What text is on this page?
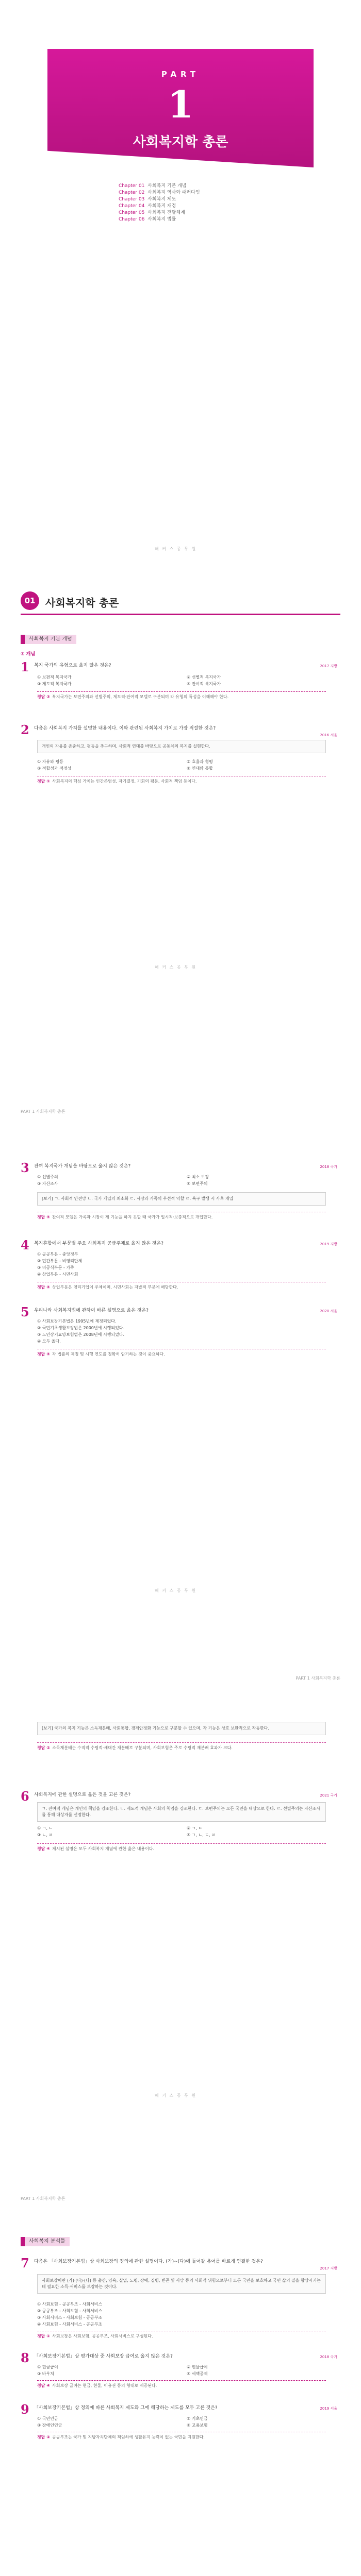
PART
1
사회복지학 총론
Chapter 01 사회복지 기본 개념
Chapter 02 사회복지 역사와 패러다임
Chapter 03 사회복지 제도
Chapter 04 사회복지 재정
Chapter 05 사회복지 전달체계
Chapter 06 사회복지 법률
해 커 스 공 무 원
01 사회복지학 총론
사회복지 기본 개념
① 개념
1	복지 국가의 유형으로 옳지 않은 것은?	2017 지방
① 보편적 복지국가	② 선별적 복지국가
③ 제도적 복지국가	④ 잔여적 복지국가
정답 ③ 복지국가는 보편주의와 선별주의, 제도적·잔여적 모델로 구분되며 각 유형의 특성을 이해해야 한다.
2	다음은 사회복지 가치를 설명한 내용이다. 이와 관련된 사회복지 가치로 가장 적절한 것은?
2016 서울
개인의 자유를 존중하고, 평등을 추구하며, 사회적 연대를 바탕으로 공동체의 복지를 실현한다.
① 자유와 평등	② 효율과 형평
③ 적합성과 적정성	④ 연대와 통합
정답 ① 사회복지의 핵심 가치는 인간존엄성, 자기결정, 기회의 평등, 사회적 책임 등이다.
해 커 스 공 무 원
PART 1 사회복지학 총론
3	잔여 복지국가 개념을 바탕으로 옳지 않은 것은?	2018 국가
① 선별주의	② 최소 보장
③ 자산조사	④ 보편주의
[보기] ㄱ. 사회적 안전망 ㄴ. 국가 개입의 최소화 ㄷ. 시장과 가족의 우선적 역할 ㄹ. 욕구 발생 시 사후 개입
정답 ④ 잔여적 모델은 가족과 시장이 제 기능을 하지 못할 때 국가가 일시적·보충적으로 개입한다.
4	복지혼합에서 부문별 주요 사회복지 공급주체로 옳지 않은 것은?	2019 지방
① 공공부문 - 중앙정부
② 민간부문 - 비영리단체
③ 비공식부문 - 가족
④ 상업부문 - 시민사회
정답 ④ 상업부문은 영리기업이 주체이며, 시민사회는 자발적 부문에 해당한다.
5	우리나라 사회복지법에 관하여 바른 설명으로 옳은 것은?	2020 서울
① 사회보장기본법은 1995년에 제정되었다.
② 국민기초생활보장법은 2000년에 시행되었다.
③ 노인장기요양보험법은 2008년에 시행되었다.
④ 모두 옳다.
정답 ④ 각 법률의 제정 및 시행 연도를 정확히 암기하는 것이 중요하다.
해 커 스 공 무 원
PART 1 사회복지학 총론
[보기] 국가의 복지 기능은 소득재분배, 사회통합, 경제안정화 기능으로 구분할 수 있으며, 각 기능은 상호 보완적으로 작동한다.
정답 ② 소득재분배는 수직적·수평적·세대간 재분배로 구분되며, 사회보험은 주로 수평적 재분배 효과가 크다.
6	사회복지에 관한 설명으로 옳은 것을 고른 것은?	2021 국가
ㄱ. 잔여적 개념은 개인의 책임을 강조한다. ㄴ. 제도적 개념은 사회의 책임을 강조한다. ㄷ. 보편주의는 모든 국민을 대상으로 한다. ㄹ. 선별주의는 자산조사를 통해 대상자를 선정한다.
① ㄱ, ㄴ	② ㄱ, ㄷ
③ ㄴ, ㄹ	④ ㄱ, ㄴ, ㄷ, ㄹ
정답 ④ 제시된 설명은 모두 사회복지 개념에 관한 옳은 내용이다.
해 커 스 공 무 원
PART 1 사회복지학 총론
사회복지 분석틀
7	다음은 「사회보장기본법」상 사회보장의 정의에 관한 설명이다. (가)~(다)에 들어갈 용어를 바르게 연결한 것은?
2017 지방
사회보장이란 (가)·(나)·(다) 등 출산, 양육, 실업, 노령, 장애, 질병, 빈곤 및 사망 등의 사회적 위험으로부터 모든 국민을 보호하고 국민 삶의 질을 향상시키는 데 필요한 소득·서비스를 보장하는 것이다.
① 사회보험 - 공공부조 - 사회서비스
② 공공부조 - 사회보험 - 사회서비스
③ 사회서비스 - 사회보험 - 공공부조
④ 사회보험 - 사회서비스 - 공공부조
정답 ① 사회보장은 사회보험, 공공부조, 사회서비스로 구성된다.
8	「사회보장기본법」상 평가대상 중 사회보장 급여로 옳지 않은 것은?	2018 국가
① 현금급여	② 현물급여
③ 바우처	④ 세액공제
정답 ④ 사회보장 급여는 현금, 현물, 이용권 등의 형태로 제공된다.
9	「사회보장기본법」상 정의에 따른 사회복지 제도와 그에 해당하는 제도를 모두 고른 것은?	2019 서울
① 국민연금	② 기초연금
③ 장애인연금	④ 고용보험
정답 ② 공공부조는 국가 및 지방자치단체의 책임하에 생활유지 능력이 없는 국민을 지원한다.
